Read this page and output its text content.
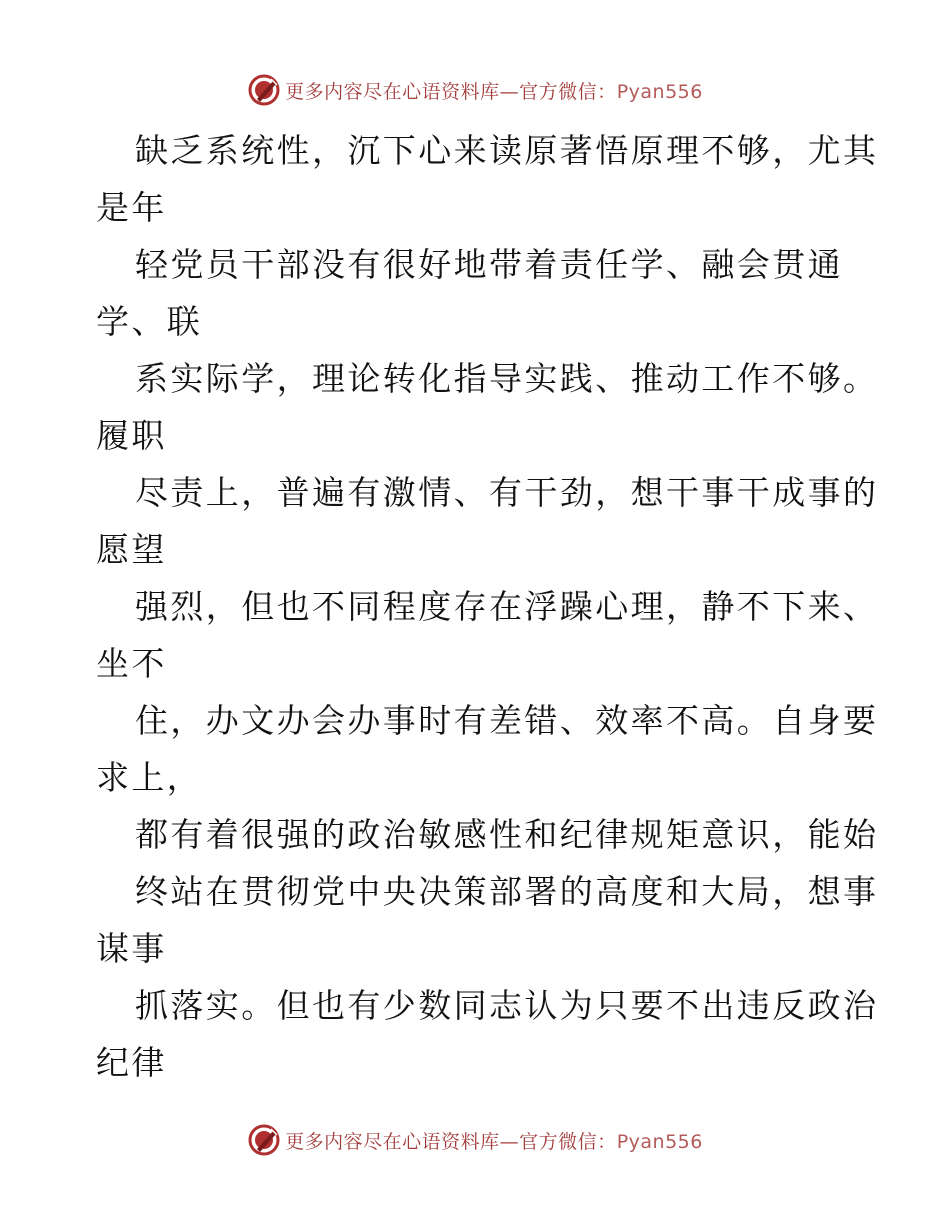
更多内容尽在心语资料库—官方微信：Pyan556
缺乏系统性，沉下心来读原著悟原理不够，尤其
是年
轻党员干部没有很好地带着责任学、融会贯通
学、联
系实际学，理论转化指导实践、推动工作不够。
履职
尽责上，普遍有激情、有干劲，想干事干成事的
愿望
强烈，但也不同程度存在浮躁心理，静不下来、
坐不
住，办文办会办事时有差错、效率不高。自身要
求上，
都有着很强的政治敏感性和纪律规矩意识，能始
终站在贯彻党中央决策部署的高度和大局，想事
谋事
抓落实。但也有少数同志认为只要不出违反政治
纪律
更多内容尽在心语资料库—官方微信：Pyan556
